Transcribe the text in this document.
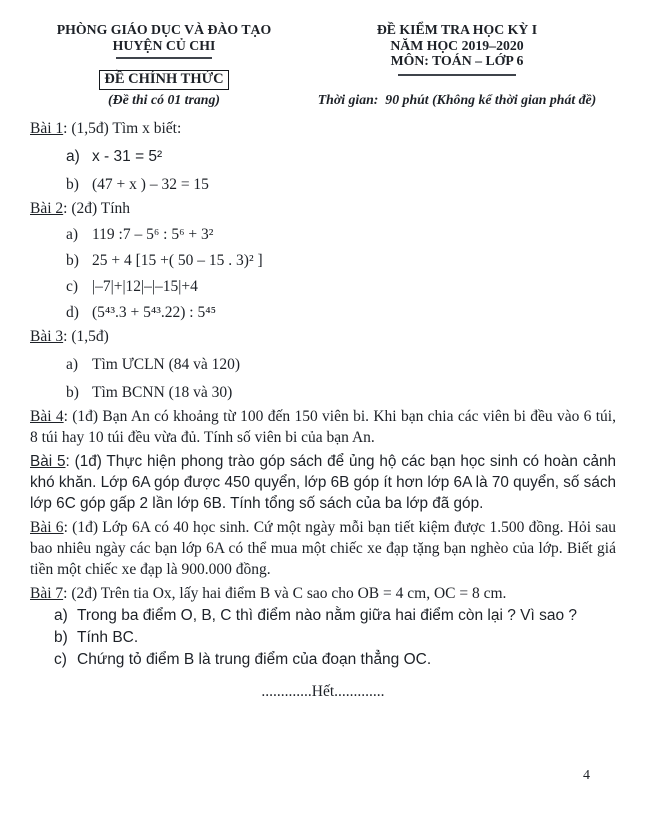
PHÒNG GIÁO DỤC VÀ ĐÀO TẠO
HUYỆN CỦ CHI
ĐỀ CHÍNH THỨC
(Đề thi có 01 trang)
ĐỀ KIỂM TRA HỌC KỲ I
NĂM HỌC 2019–2020
MÔN: TOÁN – LỚP 6
Thời gian:  90 phút (Không kể thời gian phát đề)
Bài 1: (1,5đ) Tìm x biết:
a) x - 31 = 5²
b) (47 + x ) – 32 = 15
Bài 2: (2đ) Tính
a) 119 :7 – 5⁶ : 5⁶ + 3²
b) 25 + 4 [15 +( 50 – 15 . 3)² ]
c) |–7|+|12|–|–15|+4
d) (5⁴³.3 + 5⁴³.22) : 5⁴⁵
Bài 3: (1,5đ)
a) Tìm ƯCLN (84 và 120)
b) Tìm BCNN (18 và 30)

Bài 4: (1đ) Bạn An có khoảng từ 100 đến 150 viên bi. Khi bạn chia các viên bi đều vào 6 túi, 8 túi hay 10 túi đều vừa đủ. Tính số viên bi của bạn An.

Bài 5: (1đ) Thực hiện phong trào góp sách để ủng hộ các bạn học sinh có hoàn cảnh khó khăn. Lớp 6A góp được 450 quyển, lớp 6B góp ít hơn lớp 6A là 70 quyển, số sách lớp 6C góp gấp 2 lần lớp 6B. Tính tổng số sách của ba lớp đã góp.

Bài 6: (1đ) Lớp 6A có 40 học sinh. Cứ một ngày mỗi bạn tiết kiệm được 1.500 đồng. Hỏi sau bao nhiêu ngày các bạn lớp 6A có thể mua một chiếc xe đạp tặng bạn nghèo của lớp. Biết giá tiền một chiếc xe đạp là 900.000 đồng.

Bài 7: (2đ) Trên tia Ox, lấy hai điểm B và C sao cho OB = 4 cm, OC = 8 cm.
a) Trong ba điểm O, B, C thì điểm nào nằm giữa hai điểm còn lại ? Vì sao ?
b) Tính BC.
c) Chứng tỏ điểm B là trung điểm của đoạn thẳng OC.
.............Hết.............
4
